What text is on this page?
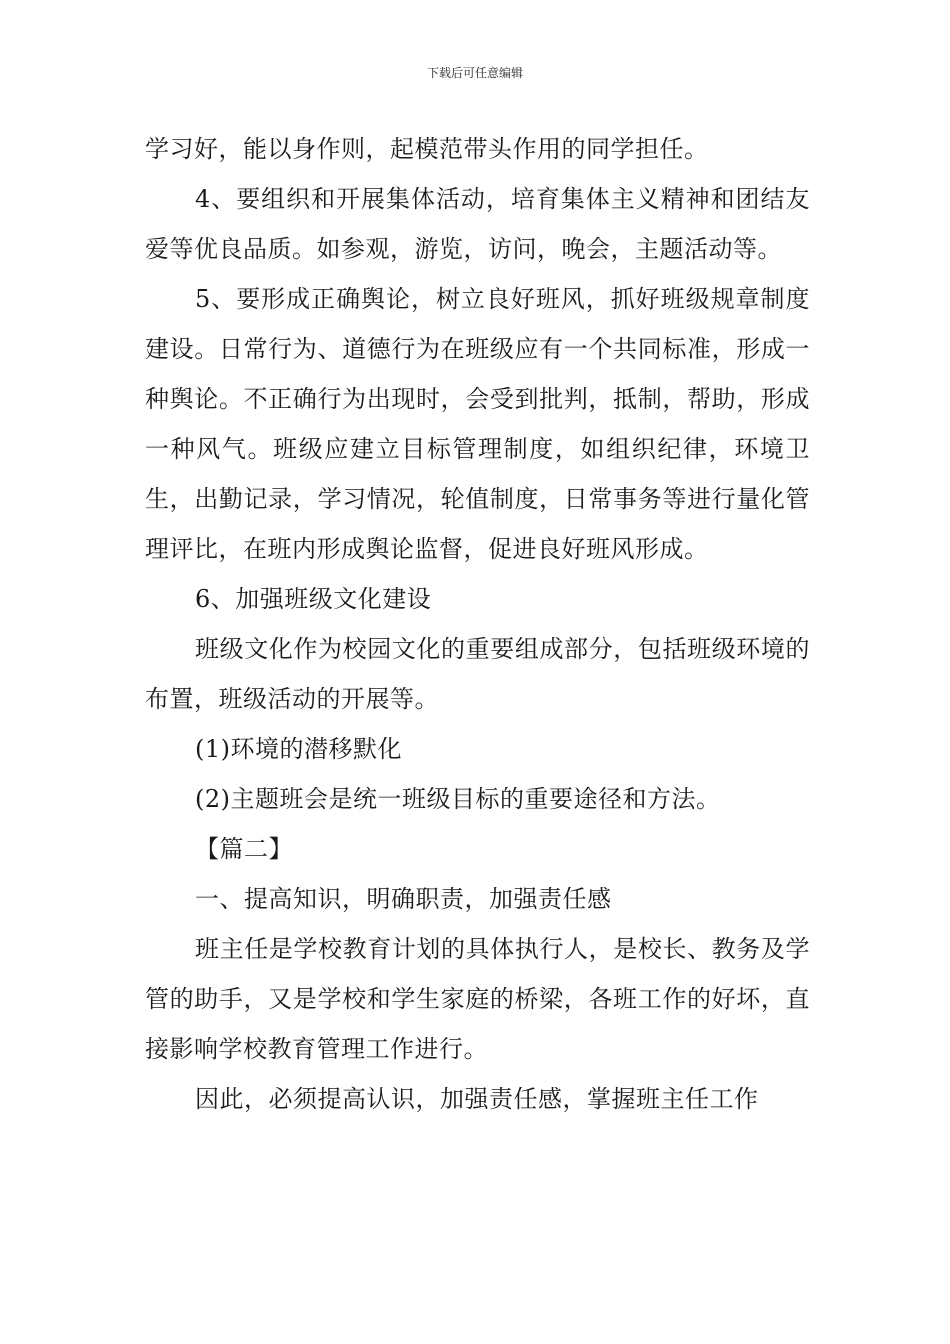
下载后可任意编辑

学习好，能以身作则，起模范带头作用的同学担任。

4、要组织和开展集体活动，培育集体主义精神和团结友爱等优良品质。如参观，游览，访问，晚会，主题活动等。

5、要形成正确舆论，树立良好班风，抓好班级规章制度建设。日常行为、道德行为在班级应有一个共同标准，形成一种舆论。不正确行为出现时，会受到批判，抵制，帮助，形成一种风气。班级应建立目标管理制度，如组织纪律，环境卫生，出勤记录，学习情况，轮值制度，日常事务等进行量化管理评比，在班内形成舆论监督，促进良好班风形成。

6、加强班级文化建设

班级文化作为校园文化的重要组成部分，包括班级环境的布置，班级活动的开展等。

(1)环境的潜移默化

(2)主题班会是统一班级目标的重要途径和方法。

【篇二】

一、提高知识，明确职责，加强责任感

班主任是学校教育计划的具体执行人，是校长、教务及学管的助手，又是学校和学生家庭的桥梁，各班工作的好坏，直接影响学校教育管理工作进行。

因此，必须提高认识，加强责任感，掌握班主任工作
